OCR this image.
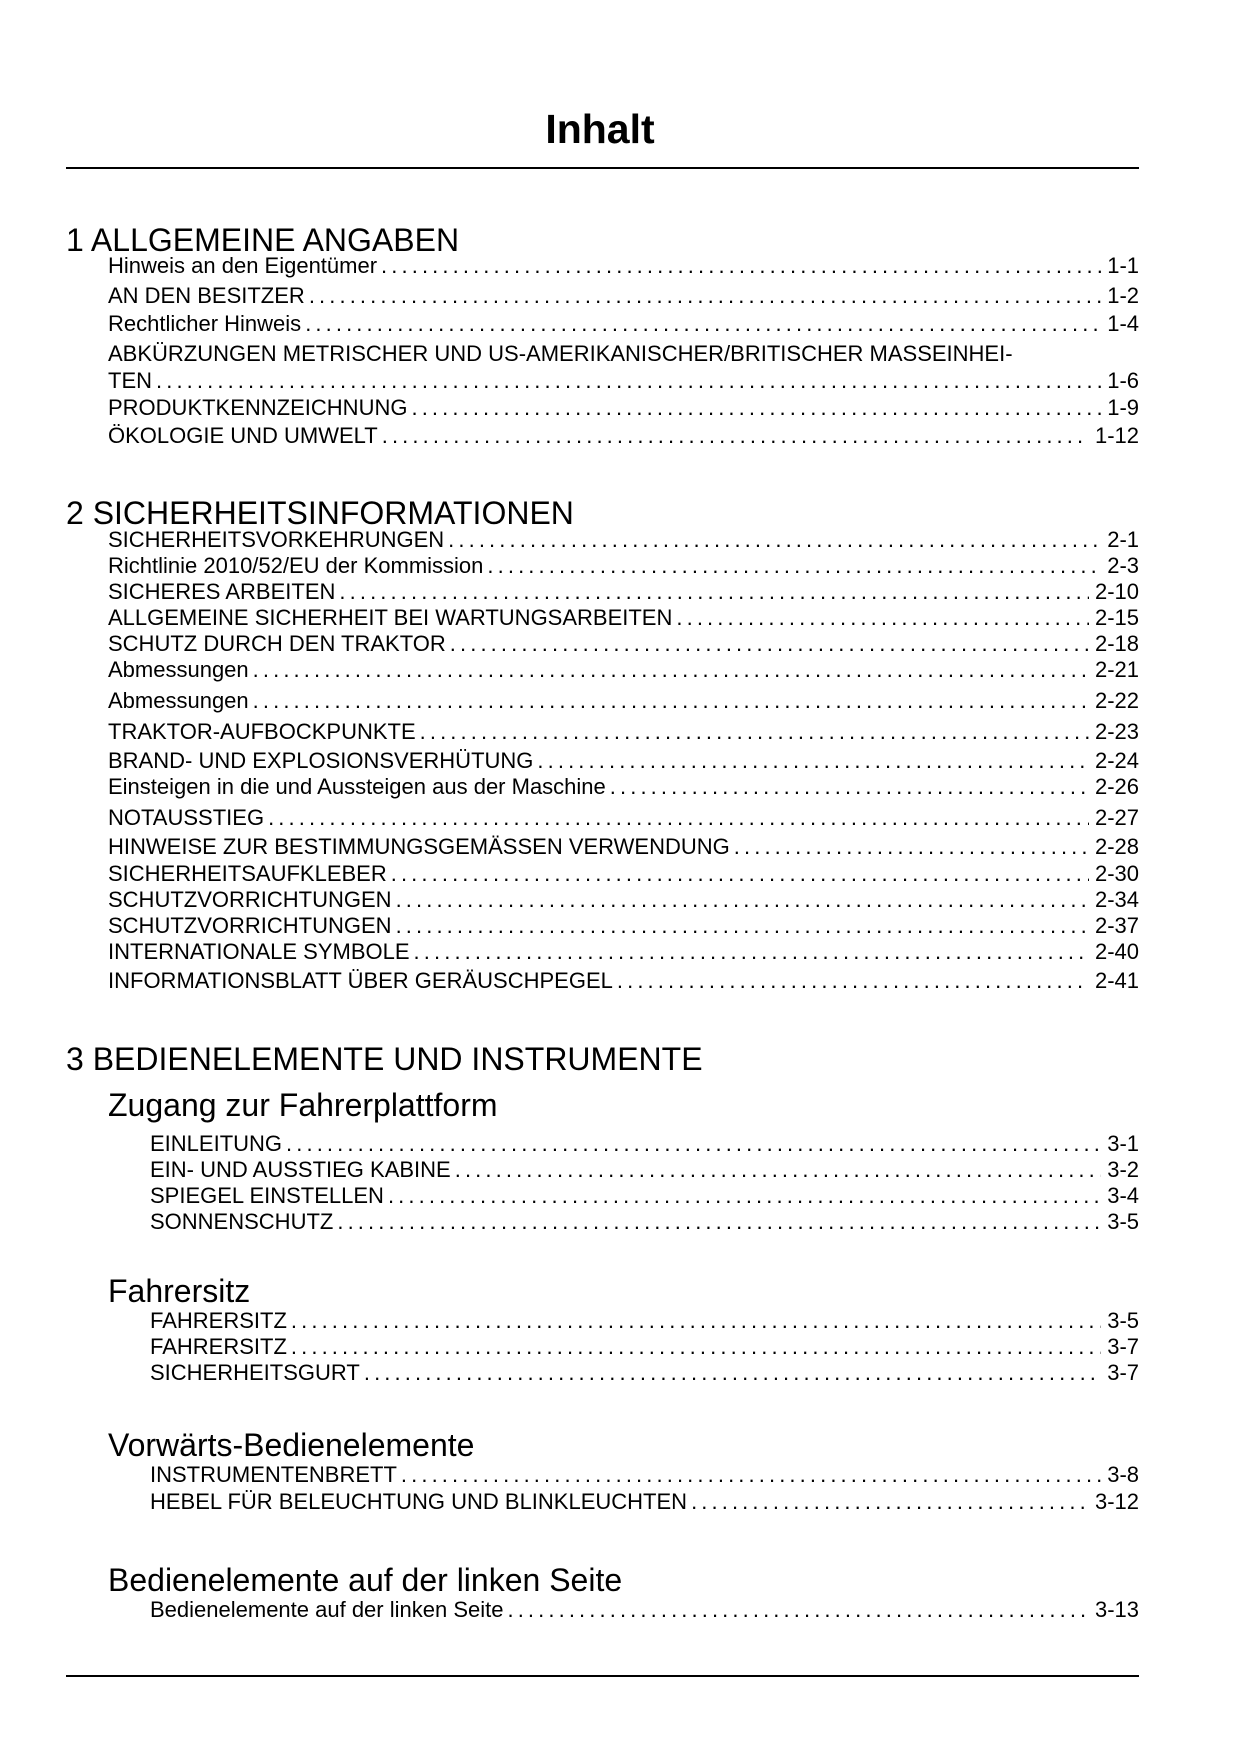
Inhalt
1 ALLGEMEINE ANGABEN
Hinweis an den Eigentümer . . .	1-1
AN DEN BESITZER . . .	1-2
Rechtlicher Hinweis . . .	1-4
ABKÜRZUNGEN METRISCHER UND US-AMERIKANISCHER/BRITISCHER MASSEINHEI-
TEN . . .	1-6
PRODUKTKENNZEICHNUNG . . .	1-9
ÖKOLOGIE UND UMWELT . . .	1-12
2 SICHERHEITSINFORMATIONEN
SICHERHEITSVORKEHRUNGEN . . .	2-1
Richtlinie 2010/52/EU der Kommission . . .	2-3
SICHERES ARBEITEN . . .	2-10
ALLGEMEINE SICHERHEIT BEI WARTUNGSARBEITEN . . .	2-15
SCHUTZ DURCH DEN TRAKTOR . . .	2-18
Abmessungen . . .	2-21
Abmessungen . . .	2-22
TRAKTOR-AUFBOCKPUNKTE . . .	2-23
BRAND- UND EXPLOSIONSVERHÜTUNG . . .	2-24
Einsteigen in die und Aussteigen aus der Maschine . . .	2-26
NOTAUSSTIEG . . .	2-27
HINWEISE ZUR BESTIMMUNGSGEMÄSSEN VERWENDUNG . . .	2-28
SICHERHEITSAUFKLEBER . . .	2-30
SCHUTZVORRICHTUNGEN . . .	2-34
SCHUTZVORRICHTUNGEN . . .	2-37
INTERNATIONALE SYMBOLE . . .	2-40
INFORMATIONSBLATT ÜBER GERÄUSCHPEGEL . . .	2-41
3 BEDIENELEMENTE UND INSTRUMENTE
Zugang zur Fahrerplattform
EINLEITUNG . . .	3-1
EIN- UND AUSSTIEG KABINE . . .	3-2
SPIEGEL EINSTELLEN . . .	3-4
SONNENSCHUTZ . . .	3-5
Fahrersitz
FAHRERSITZ . . .	3-5
FAHRERSITZ . . .	3-7
SICHERHEITSGURT . . .	3-7
Vorwärts-Bedienelemente
INSTRUMENTENBRETT . . .	3-8
HEBEL FÜR BELEUCHTUNG UND BLINKLEUCHTEN . . .	3-12
Bedienelemente auf der linken Seite
Bedienelemente auf der linken Seite . . .	3-13
